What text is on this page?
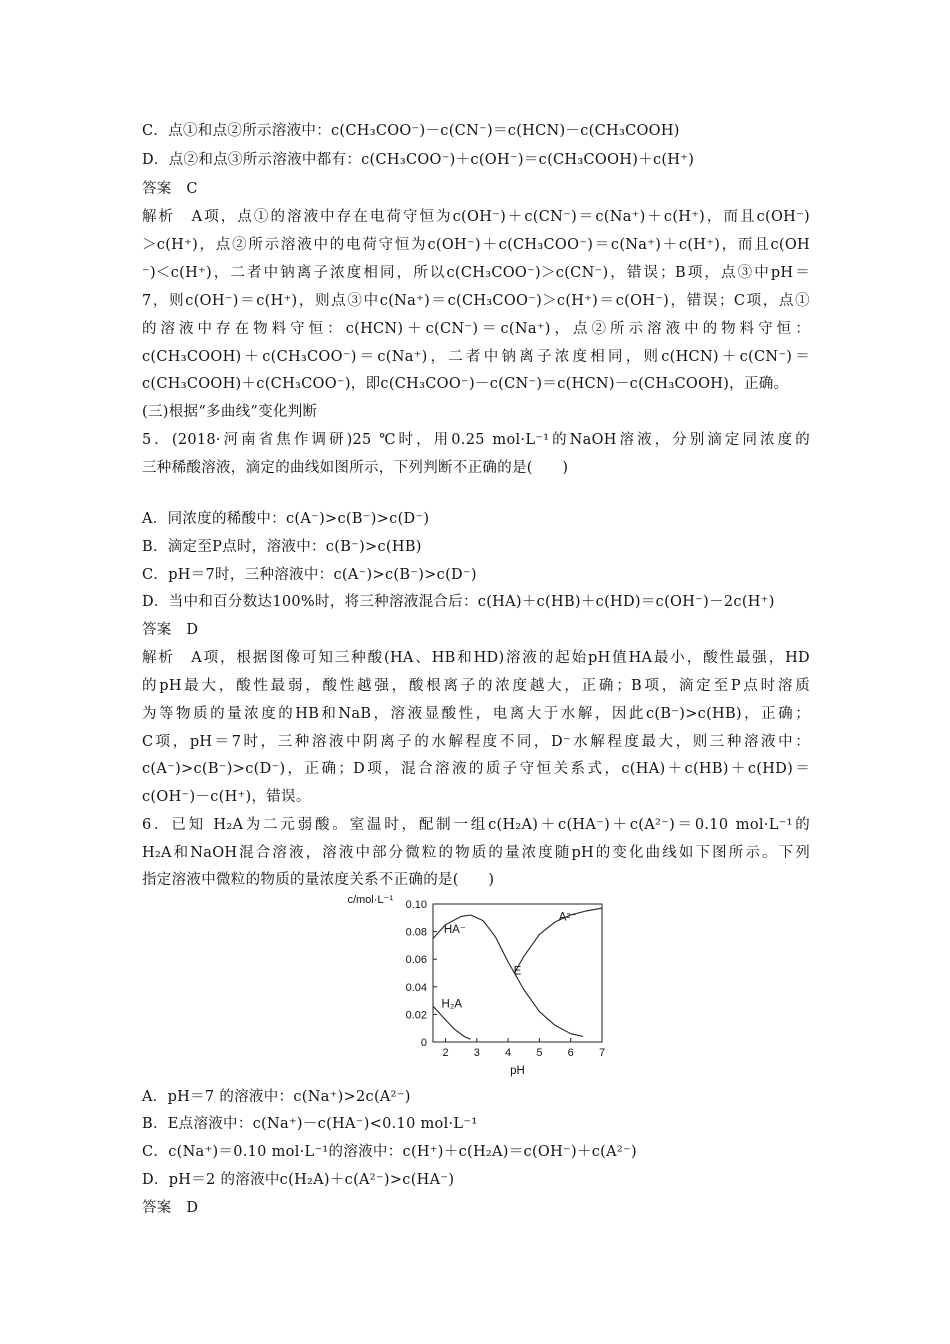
C．点①和点②所示溶液中：c(CH₃COO⁻)－c(CN⁻)＝c(HCN)－c(CH₃COOH)
D．点②和点③所示溶液中都有：c(CH₃COO⁻)＋c(OH⁻)＝c(CH₃COOH)＋c(H⁺)
答案　C
解析　A项，点①的溶液中存在电荷守恒为c(OH⁻)＋c(CN⁻)＝c(Na⁺)＋c(H⁺)，而且c(OH⁻)
＞c(H⁺)，点②所示溶液中的电荷守恒为c(OH⁻)＋c(CH₃COO⁻)＝c(Na⁺)＋c(H⁺)，而且c(OH
⁻)＜c(H⁺)，二者中钠离子浓度相同，所以c(CH₃COO⁻)＞c(CN⁻)，错误；B项，点③中pH＝
7，则c(OH⁻)＝c(H⁺)，则点③中c(Na⁺)＝c(CH₃COO⁻)＞c(H⁺)＝c(OH⁻)，错误；C项，点①
的溶液中存在物料守恒：c(HCN)＋c(CN⁻)＝c(Na⁺)，点②所示溶液中的物料守恒：
c(CH₃COOH)＋c(CH₃COO⁻)＝c(Na⁺)，二者中钠离子浓度相同，则c(HCN)＋c(CN⁻)＝
c(CH₃COOH)＋c(CH₃COO⁻)，即c(CH₃COO⁻)－c(CN⁻)＝c(HCN)－c(CH₃COOH)，正确。
(三)根据“多曲线”变化判断
5．(2018·河南省焦作调研)25 ℃时，用0.25 mol·L⁻¹的NaOH溶液，分别滴定同浓度的
三种稀酸溶液，滴定的曲线如图所示，下列判断不正确的是(　　)
A．同浓度的稀酸中：c(A⁻)>c(B⁻)>c(D⁻)
B．滴定至P点时，溶液中：c(B⁻)>c(HB)
C．pH＝7时，三种溶液中：c(A⁻)>c(B⁻)>c(D⁻)
D．当中和百分数达100%时，将三种溶液混合后：c(HA)＋c(HB)＋c(HD)＝c(OH⁻)－2c(H⁺)
答案　D
解析　A项，根据图像可知三种酸(HA、HB和HD)溶液的起始pH值HA最小，酸性最强，HD
的pH最大，酸性最弱，酸性越强，酸根离子的浓度越大，正确；B项，滴定至P点时溶质
为等物质的量浓度的HB和NaB，溶液显酸性，电离大于水解，因此c(B⁻)>c(HB)，正确；
C项，pH＝7时，三种溶液中阴离子的水解程度不同，D⁻水解程度最大，则三种溶液中：
c(A⁻)>c(B⁻)>c(D⁻)，正确；D项，混合溶液的质子守恒关系式，c(HA)＋c(HB)＋c(HD)＝
c(OH⁻)－c(H⁺)，错误。
6．已知 H₂A为二元弱酸。室温时，配制一组c(H₂A)＋c(HA⁻)＋c(A²⁻)＝0.10 mol·L⁻¹的
H₂A和NaOH混合溶液，溶液中部分微粒的物质的量浓度随pH的变化曲线如下图所示。下列
指定溶液中微粒的物质的量浓度关系不正确的是(　　)
2 3 4 5 6 7
0
0.02
0.04
0.06
0.08
0.10
c/mol·L⁻¹
pH
HA⁻
A²⁻
E
H₂A
A．pH＝7 的溶液中：c(Na⁺)>2c(A²⁻)
B．E点溶液中：c(Na⁺)－c(HA⁻)<0.10 mol·L⁻¹
C．c(Na⁺)＝0.10 mol·L⁻¹的溶液中：c(H⁺)＋c(H₂A)＝c(OH⁻)＋c(A²⁻)
D．pH＝2 的溶液中c(H₂A)＋c(A²⁻)>c(HA⁻)
答案　D
